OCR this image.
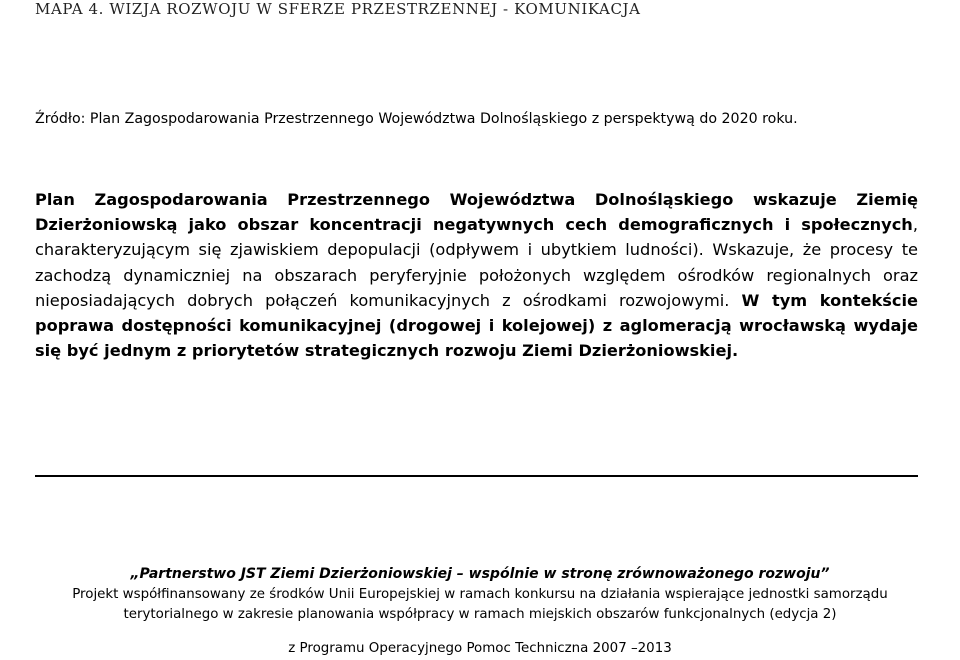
MAPA 4. WIZJA ROZWOJU W SFERZE PRZESTRZENNEJ - KOMUNIKACJA
Źródło: Plan Zagospodarowania Przestrzennego Województwa Dolnośląskiego z perspektywą do 2020 roku.

Plan Zagospodarowania Przestrzennego Województwa Dolnośląskiego wskazuje Ziemię Dzierżoniowską jako obszar koncentracji negatywnych cech demograficznych i społecznych, charakteryzującym się zjawiskiem depopulacji (odpływem i ubytkiem ludności). Wskazuje, że procesy te zachodzą dynamiczniej na obszarach peryferyjnie położonych względem ośrodków regionalnych oraz nieposiadających dobrych połączeń komunikacyjnych z ośrodkami rozwojowymi. W tym kontekście poprawa dostępności komunikacyjnej (drogowej i kolejowej) z aglomeracją wrocławską wydaje się być jednym z priorytetów strategicznych rozwoju Ziemi Dzierżoniowskiej.

„Partnerstwo JST Ziemi Dzierżoniowskiej – wspólnie w stronę zrównoważonego rozwoju”
Projekt współfinansowany ze środków Unii Europejskiej w ramach konkursu na działania wspierające jednostki samorządu
terytorialnego w zakresie planowania współpracy w ramach miejskich obszarów funkcjonalnych (edycja 2)
z Programu Operacyjnego Pomoc Techniczna 2007 –2013
